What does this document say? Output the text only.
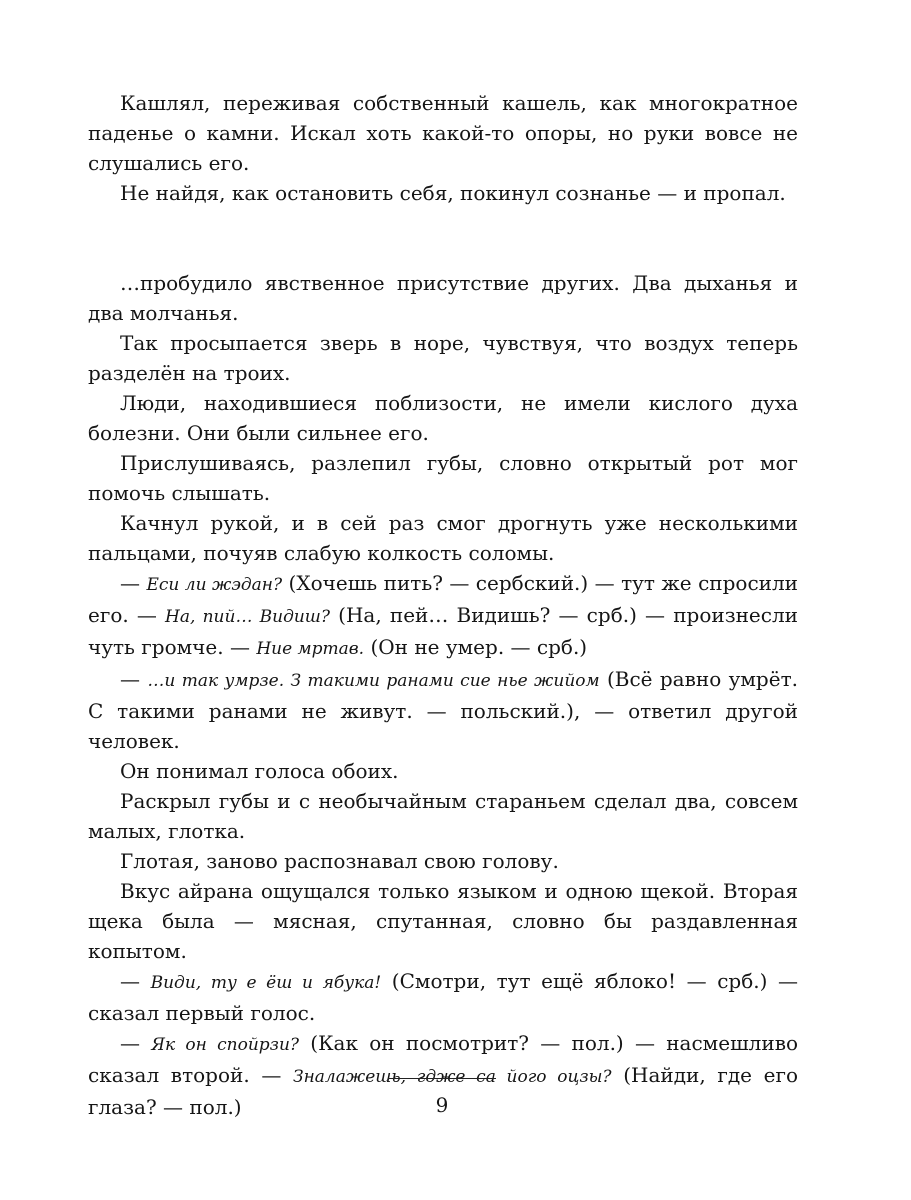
Кашлял, переживая собственный кашель, как многократное паденье о камни. Искал хоть какой-то опоры, но руки вовсе не слушались его.

Не найдя, как остановить себя, покинул сознанье — и пропал.

…пробудило явственное присутствие других. Два дыханья и два молчанья.

Так просыпается зверь в норе, чувствуя, что воздух теперь разделён на троих.

Люди, находившиеся поблизости, не имели кислого духа болезни. Они были сильнее его.

Прислушиваясь, разлепил губы, словно открытый рот мог помочь слышать.

Качнул рукой, и в сей раз смог дрогнуть уже несколькими пальцами, почуяв слабую колкость соломы.

— Еси ли жэдан? (Хочешь пить? — сербский.) — тут же спросили его. — На, пий… Видиш? (На, пей… Видишь? — срб.) — произнесли чуть громче. — Ние мртав. (Он не умер. — срб.)

— …и так умрзе. З такими ранами сие нье жийом (Всё равно умрёт. С такими ранами не живут. — польский.), — ответил другой человек.

Он понимал голоса обоих.

Раскрыл губы и с необычайным стараньем сделал два, совсем малых, глотка.

Глотая, заново распознавал свою голову.

Вкус айрана ощущался только языком и одною щекой. Вторая щека была — мясная, спутанная, словно бы раздавленная копытом.

— Види, ту е ёш и ябука! (Смотри, тут ещё яблоко! — срб.) — сказал первый голос.

— Як он спойрзи? (Как он посмотрит? — пол.) — насмешливо сказал второй. — Зналажешь, гдже са його оцзы? (Найди, где его глаза? — пол.)	9
